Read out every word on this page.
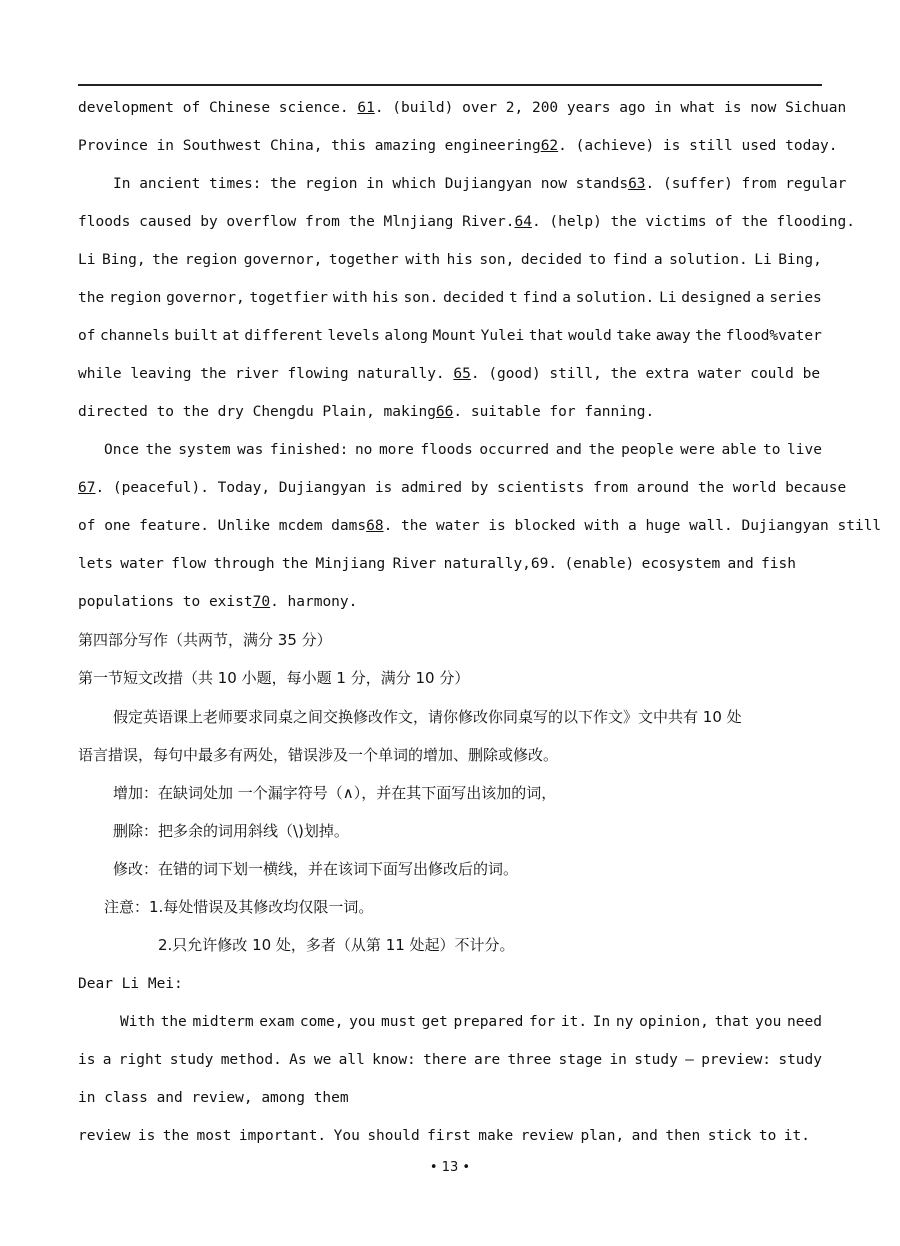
development of Chinese science. 61 . (build) over 2, 200 years ago in what is now Sichuan
Province in Southwest China, this amazing engineering 62 . (achieve) is still used today.
In ancient times: the region in which Dujiangyan now stands 63 . (suffer) from regular
floods caused by overflow from the Mlnjiang River. 64 . (help) the victims of the flooding.
Li Bing, the region governor, together with his son, decided to find a solution. Li Bing,
the region governor, togetfier with his son. decided t find a solution. Li designed a series
of channels built at different levels along Mount Yulei that would take away the flood%vater
while leaving the river flowing naturally. 65 . (good) still, the extra water could be
directed to the dry Chengdu Plain, making66. suitable for fanning.
Once the system was finished: no more floods occurred and the people were able to live
67 . (peaceful). Today, Dujiangyan is admired by scientists from around the world because
of one feature. Unlike mcdem dams 68 . the water is blocked with a huge wall. Dujiangyan still
lets water flow through the Minjiang River naturally,69. (enable) ecosystem and fish
populations to exist70. harmony.
第四部分写作（共两节，满分 35 分）
第一节短文改措（共 10 小题，每小题 1 分，满分 10 分）
假定英语课上老师要求同桌之间交换修改作文，请你修改你同桌写的以下作文》文中共有 10 处
语言措误，每句中最多有两处，错误涉及一个单词的增加、删除或修改。
增加：在缺词处加 一个漏字符号（∧），并在其下面写出该加的词，
删除：把多余的词用斜线（\)划掉。
修改：在错的词下划一横线，并在该词下面写出修改后的词。
注意：1.每处惜误及其修改均仅限一词。
2.只允许修改 10 处，多者（从第 11 处起）不计分。
Dear Li Mei:
With the midterm exam come, you must get prepared for it. In ny opinion, that you need
is a right study method. As we all know: there are three stage in study — preview: study
in class and review, among them
review is the most important. You should first make review plan, and then stick to it.
• 13 •
